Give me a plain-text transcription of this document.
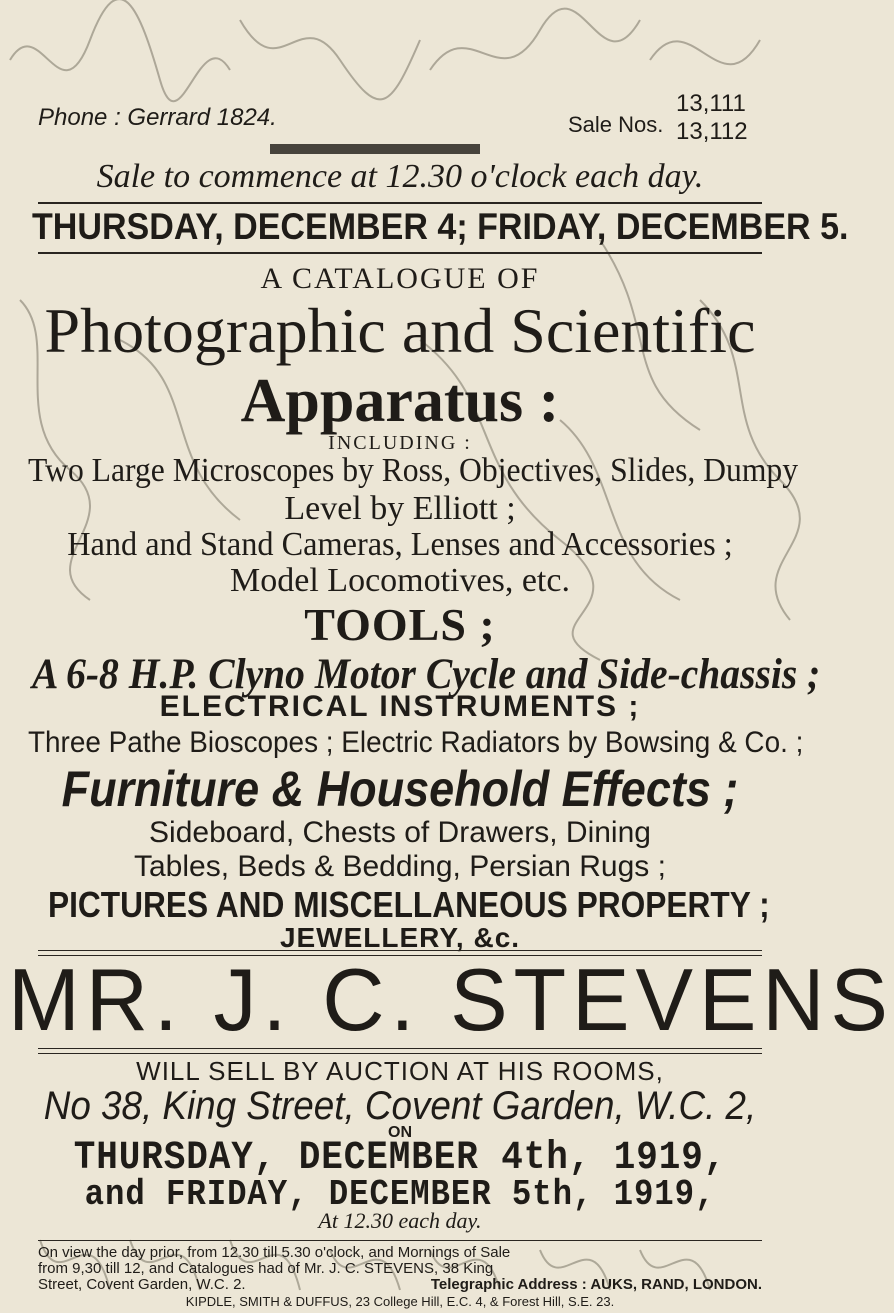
Phone : Gerrard 1824.	Sale Nos.
13,111
13,112
Sale to commence at 12.30 o'clock each day.
THURSDAY, DECEMBER 4; FRIDAY, DECEMBER 5.
A CATALOGUE OF
Photographic and Scientific
Apparatus :
INCLUDING :
Two Large Microscopes by Ross, Objectives, Slides, Dumpy
Level by Elliott ;
Hand and Stand Cameras, Lenses and Accessories ;
Model Locomotives, etc.
TOOLS ;
A 6-8 H.P. Clyno Motor Cycle and Side-chassis ;
ELECTRICAL INSTRUMENTS ;
Three Pathe Bioscopes ; Electric Radiators by Bowsing & Co. ;
Furniture & Household Effects ;
Sideboard, Chests of Drawers, Dining
Tables, Beds & Bedding, Persian Rugs ;
PICTURES AND MISCELLANEOUS PROPERTY ;
JEWELLERY, &c.
MR. J. C. STEVENS
WILL SELL BY AUCTION AT HIS ROOMS,
No 38, King Street, Covent Garden, W.C. 2,
ON
THURSDAY, DECEMBER 4th, 1919,
and FRIDAY, DECEMBER 5th, 1919,
At 12.30 each day.
On view the day prior, from 12.30 till 5.30 o'clock, and Mornings of Sale
from 9,30 till 12, and Catalogues had of Mr. J. C. STEVENS, 38 King
Street, Covent Garden, W.C. 2.	Telegraphic Address : AUKS, RAND, LONDON.
KIPDLE, SMITH & DUFFUS, 23 College Hill, E.C. 4, & Forest Hill, S.E. 23.
